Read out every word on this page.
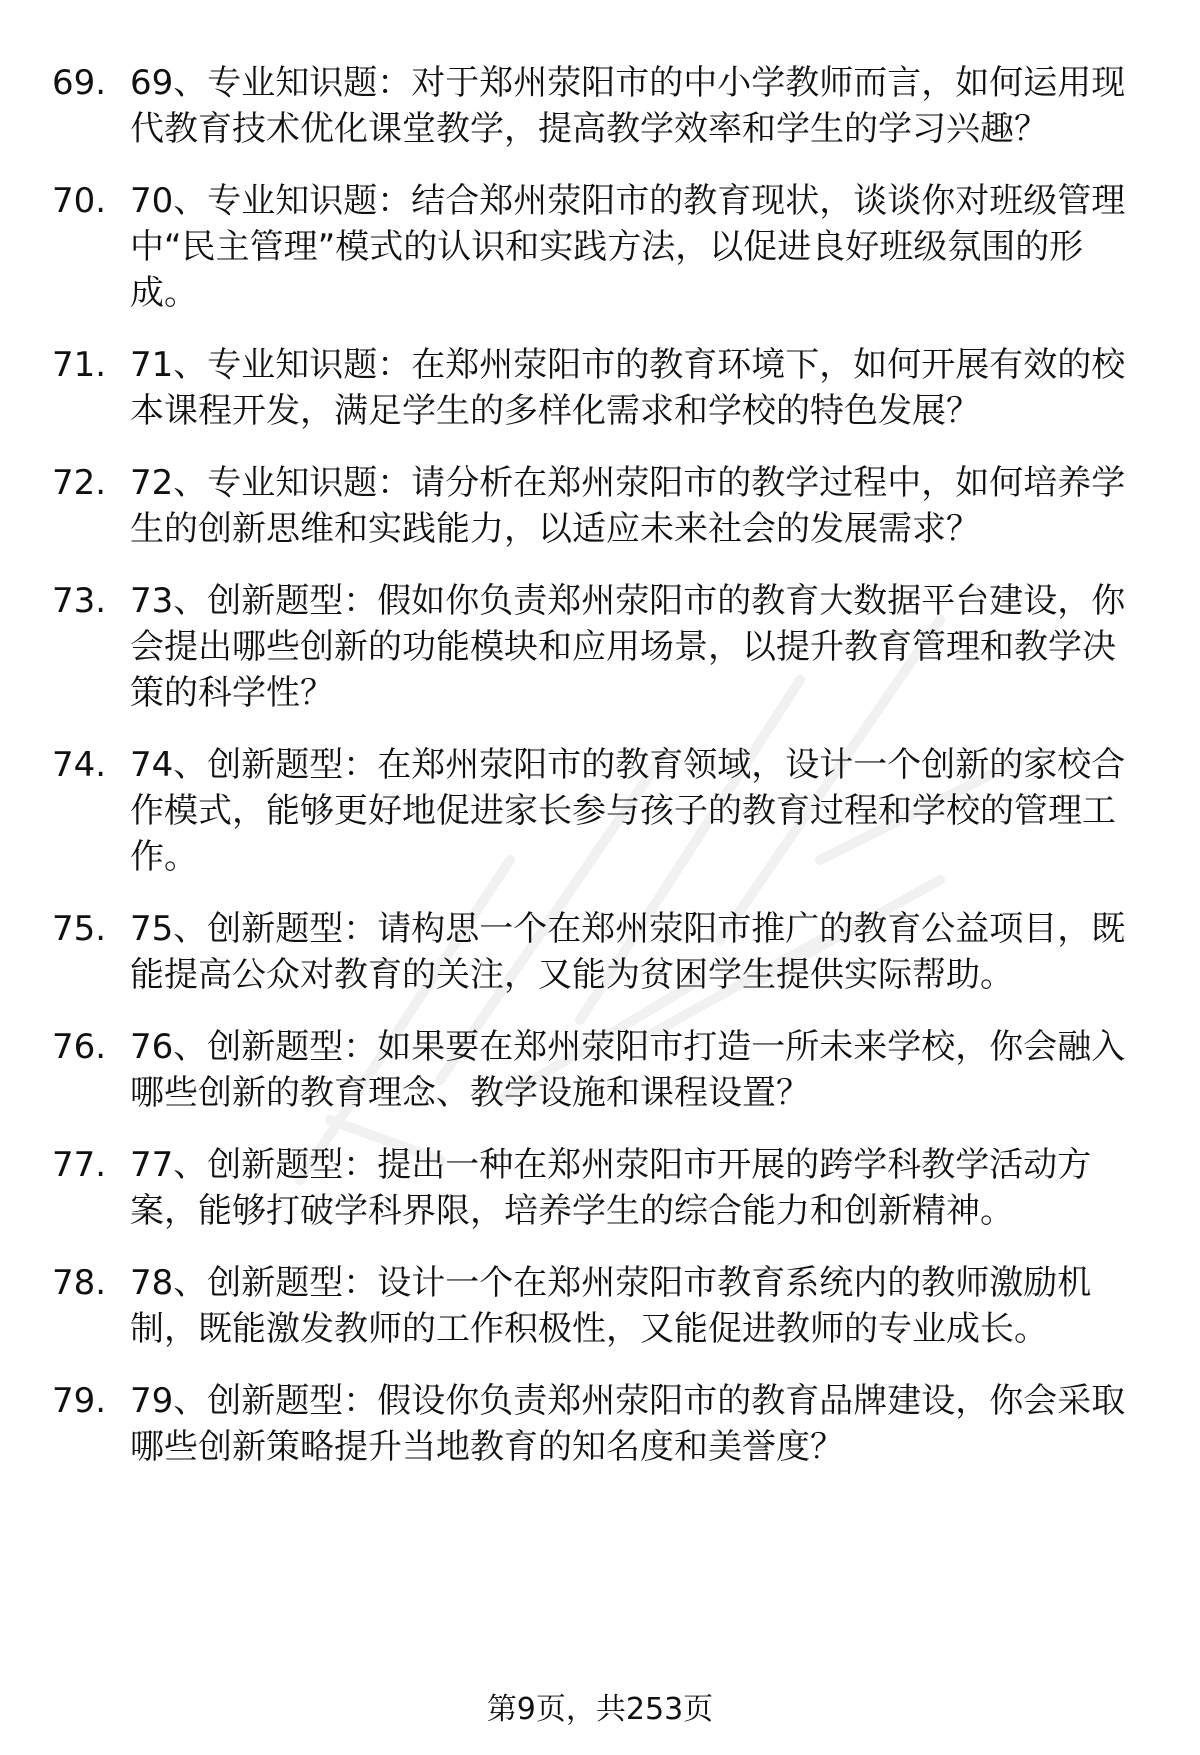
69. 69、专业知识题：对于郑州荥阳市的中小学教师而言，如何运用现代教育技术优化课堂教学，提高教学效率和学生的学习兴趣？
70. 70、专业知识题：结合郑州荥阳市的教育现状，谈谈你对班级管理中“民主管理”模式的认识和实践方法，以促进良好班级氛围的形成。
71. 71、专业知识题：在郑州荥阳市的教育环境下，如何开展有效的校本课程开发，满足学生的多样化需求和学校的特色发展？
72. 72、专业知识题：请分析在郑州荥阳市的教学过程中，如何培养学生的创新思维和实践能力，以适应未来社会的发展需求？
73. 73、创新题型：假如你负责郑州荥阳市的教育大数据平台建设，你会提出哪些创新的功能模块和应用场景，以提升教育管理和教学决策的科学性？
74. 74、创新题型：在郑州荥阳市的教育领域，设计一个创新的家校合作模式，能够更好地促进家长参与孩子的教育过程和学校的管理工作。
75. 75、创新题型：请构思一个在郑州荥阳市推广的教育公益项目，既能提高公众对教育的关注，又能为贫困学生提供实际帮助。
76. 76、创新题型：如果要在郑州荥阳市打造一所未来学校，你会融入哪些创新的教育理念、教学设施和课程设置？
77. 77、创新题型：提出一种在郑州荥阳市开展的跨学科教学活动方案，能够打破学科界限，培养学生的综合能力和创新精神。
78. 78、创新题型：设计一个在郑州荥阳市教育系统内的教师激励机制，既能激发教师的工作积极性，又能促进教师的专业成长。
79. 79、创新题型：假设你负责郑州荥阳市的教育品牌建设，你会采取哪些创新策略提升当地教育的知名度和美誉度？
第9页，共253页
